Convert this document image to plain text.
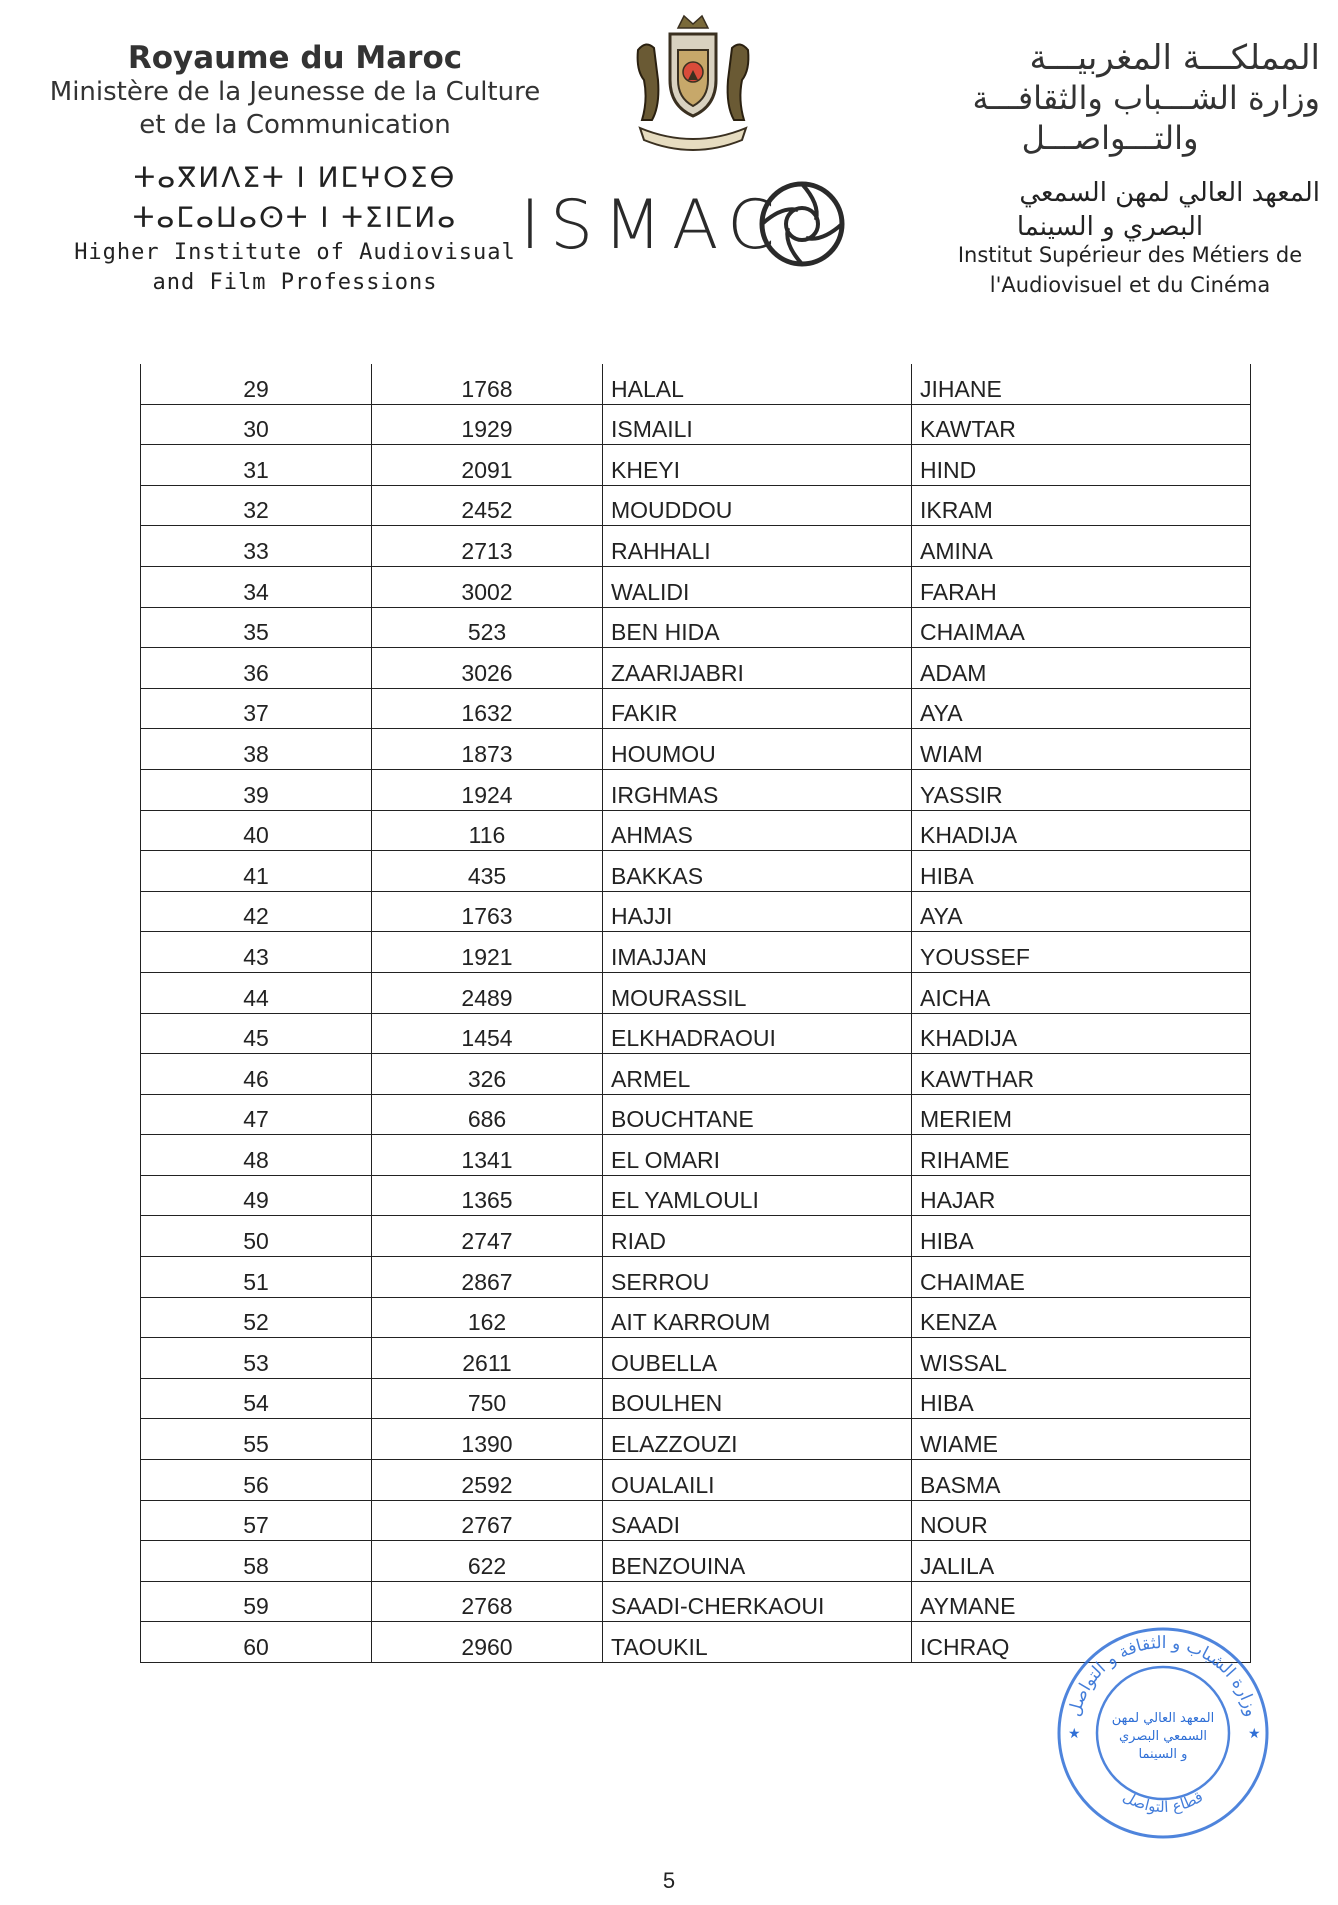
Royaume du Maroc
Ministère de la Jeunesse de la Culture
et de la Communication
ⵜⴰⴳⵍⴷⵉⵜ ⵏ ⵍⵎⵖⵔⵉⴱ
ⵜⴰⵎⴰⵡⴰⵙⵜ ⵏ ⵜⵉⵏⵎⵍⴰ
Higher Institute of Audiovisual
and Film Professions
ISMAC
المملكـــة المغربيـــة
وزارة الشـــباب والثقافـــة
والتـــواصـــل
المعهد العالي لمهن السمعي
البصري و السينما
Institut Supérieur des Métiers de
l'Audiovisuel et du Cinéma
29	1768	HALAL	JIHANE
30	1929	ISMAILI	KAWTAR
31	2091	KHEYI	HIND
32	2452	MOUDDOU	IKRAM
33	2713	RAHHALI	AMINA
34	3002	WALIDI	FARAH
35	523	BEN HIDA	CHAIMAA
36	3026	ZAARIJABRI	ADAM
37	1632	FAKIR	AYA
38	1873	HOUMOU	WIAM
39	1924	IRGHMAS	YASSIR
40	116	AHMAS	KHADIJA
41	435	BAKKAS	HIBA
42	1763	HAJJI	AYA
43	1921	IMAJJAN	YOUSSEF
44	2489	MOURASSIL	AICHA
45	1454	ELKHADRAOUI	KHADIJA
46	326	ARMEL	KAWTHAR
47	686	BOUCHTANE	MERIEM
48	1341	EL OMARI	RIHAME
49	1365	EL YAMLOULI	HAJAR
50	2747	RIAD	HIBA
51	2867	SERROU	CHAIMAE
52	162	AIT KARROUM	KENZA
53	2611	OUBELLA	WISSAL
54	750	BOULHEN	HIBA
55	1390	ELAZZOUZI	WIAME
56	2592	OUALAILI	BASMA
57	2767	SAADI	NOUR
58	622	BENZOUINA	JALILA
59	2768	SAADI-CHERKAOUI	AYMANE
60	2960	TAOUKIL	ICHRAQ
وزارة الشباب و الثقافة و التواصل
قطاع التواصل
المعهد العالي لمهن
السمعي البصري
و السينما
★	★
5
